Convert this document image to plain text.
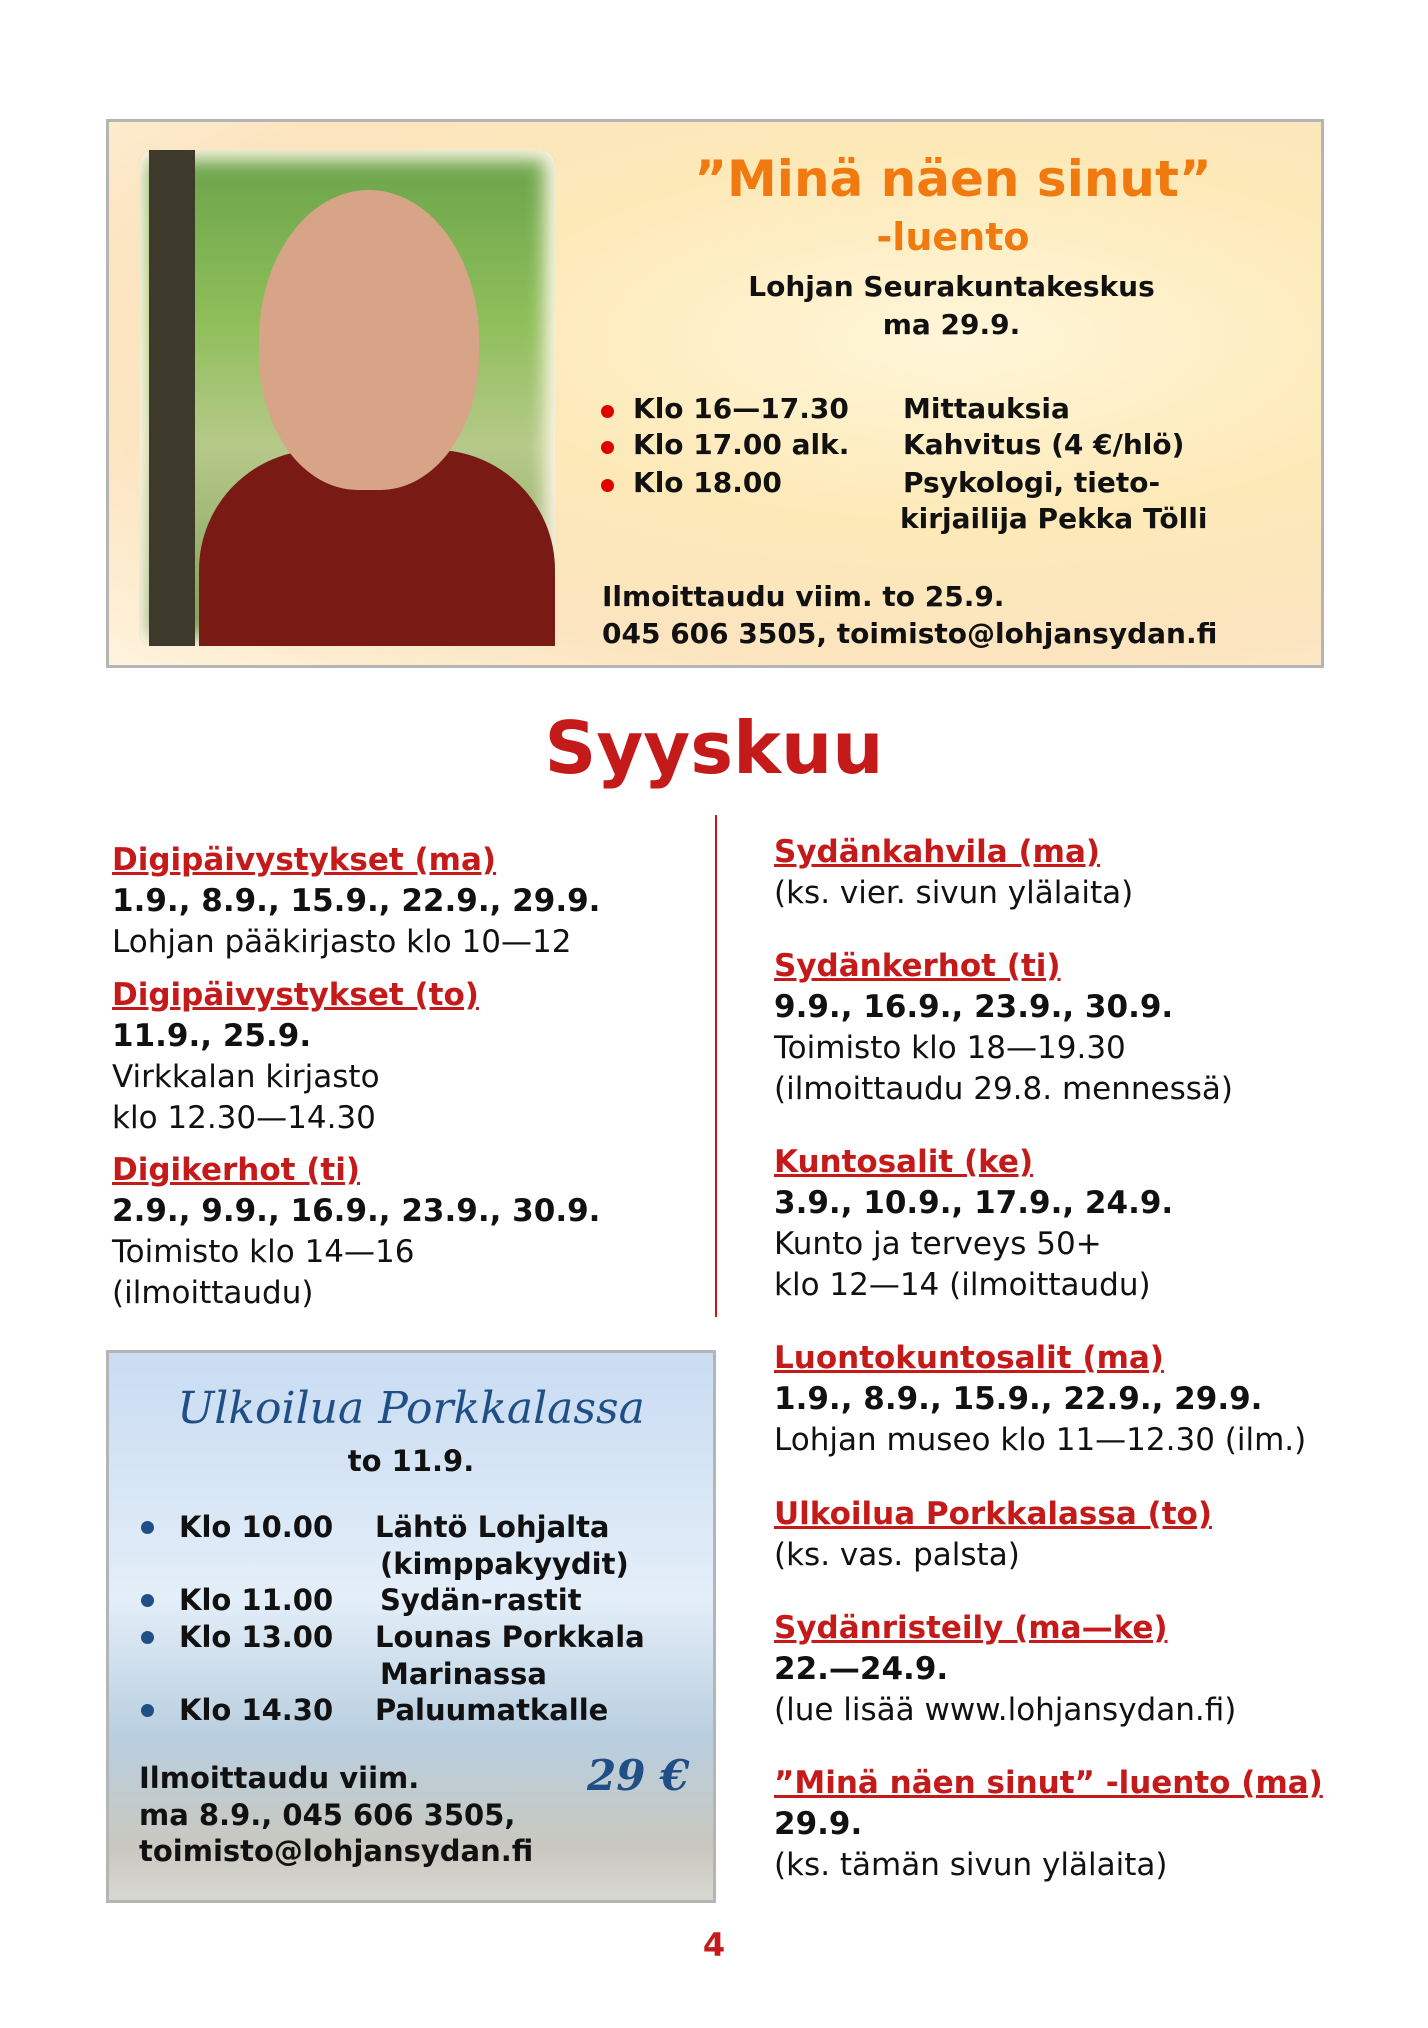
”Minä näen sinut”
-luento
Lohjan Seurakuntakeskus
ma 29.9.
Klo 16—17.30 Mittauksia
Klo 17.00 alk. Kahvitus (4 €/hlö)
Klo 18.00	Psykologi, tieto-
kirjailija Pekka Tölli
Ilmoittaudu viim. to 25.9.
045 606 3505, toimisto@lohjansydan.fi
Syyskuu
Digipäivystykset (ma)
1.9., 8.9., 15.9., 22.9., 29.9.
Lohjan pääkirjasto klo 10—12
Digipäivystykset (to)
11.9., 25.9.
Virkkalan kirjasto
klo 12.30—14.30
Digikerhot (ti)
2.9., 9.9., 16.9., 23.9., 30.9.
Toimisto klo 14—16
(ilmoittaudu)
Sydänkahvila (ma)
(ks. vier. sivun ylälaita)
Sydänkerhot (ti)
9.9., 16.9., 23.9., 30.9.
Toimisto klo 18—19.30
(ilmoittaudu 29.8. mennessä)
Kuntosalit (ke)
3.9., 10.9., 17.9., 24.9.
Kunto ja terveys 50+
klo 12—14 (ilmoittaudu)
Luontokuntosalit (ma)
1.9., 8.9., 15.9., 22.9., 29.9.
Lohjan museo klo 11—12.30 (ilm.)
Ulkoilua Porkkalassa (to)
(ks. vas. palsta)
Sydänristeily (ma—ke)
22.—24.9.
(lue lisää www.lohjansydan.fi)
”Minä näen sinut” -luento (ma)
29.9.
(ks. tämän sivun ylälaita)
Ulkoilua Porkkalassa
to 11.9.
Klo 10.00 Lähtö Lohjalta
(kimppakyydit)
Klo 11.00 Sydän-rastit
Klo 13.00 Lounas Porkkala
Marinassa
Klo 14.30 Paluumatkalle
29 €
Ilmoittaudu viim.
ma 8.9., 045 606 3505,
toimisto@lohjansydan.fi
4
